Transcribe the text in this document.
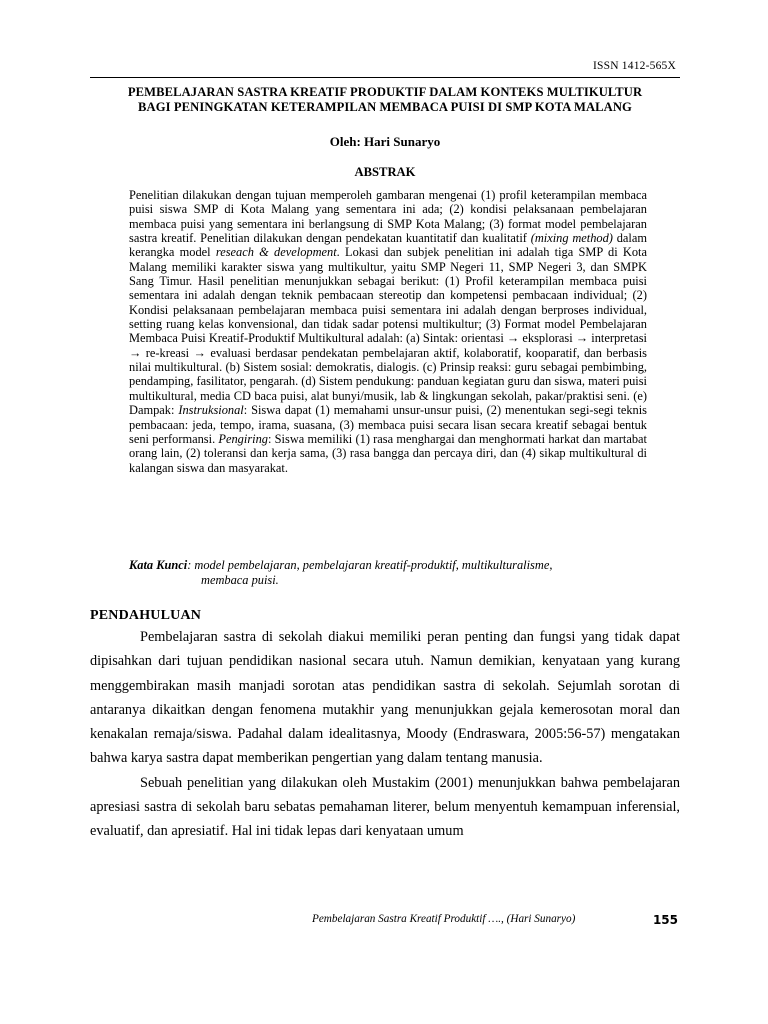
ISSN 1412-565X
PEMBELAJARAN SASTRA KREATIF PRODUKTIF DALAM KONTEKS MULTIKULTUR
BAGI PENINGKATAN KETERAMPILAN MEMBACA PUISI DI SMP KOTA MALANG
Oleh: Hari Sunaryo
ABSTRAK

Penelitian dilakukan dengan tujuan memperoleh gambaran mengenai (1) profil keterampilan membaca puisi siswa SMP di Kota Malang yang sementara ini ada; (2) kondisi pelaksanaan pembelajaran membaca puisi yang sementara ini berlangsung di SMP Kota Malang; (3) format model pembelajaran sastra kreatif. Penelitian dilakukan dengan pendekatan kuantitatif dan kualitatif (mixing method) dalam kerangka model reseach & development. Lokasi dan subjek penelitian ini adalah tiga SMP di Kota Malang memiliki karakter siswa yang multikultur, yaitu SMP Negeri 11, SMP Negeri 3, dan SMPK Sang Timur. Hasil penelitian menunjukkan sebagai berikut: (1) Profil keterampilan membaca puisi sementara ini adalah dengan teknik pembacaan stereotip dan kompetensi pembacaan individual; (2) Kondisi pelaksanaan pembelajaran membaca puisi sementara ini adalah dengan berproses individual, setting ruang kelas konvensional, dan tidak sadar potensi multikultur; (3) Format model Pembelajaran Membaca Puisi Kreatif-Produktif Multikultural adalah: (a) Sintak: orientasi → eksplorasi → interpretasi → re-kreasi → evaluasi berdasar pendekatan pembelajaran aktif, kolaboratif, kooparatif, dan berbasis nilai multikultural. (b) Sistem sosial: demokratis, dialogis. (c) Prinsip reaksi: guru sebagai pembimbing, pendamping, fasilitator, pengarah. (d) Sistem pendukung: panduan kegiatan guru dan siswa, materi puisi multikultural, media CD baca puisi, alat bunyi/musik, lab & lingkungan sekolah, pakar/praktisi seni. (e) Dampak: Instruksional: Siswa dapat (1) memahami unsur-unsur puisi, (2) menentukan segi-segi teknis pembacaan: jeda, tempo, irama, suasana, (3) membaca puisi secara lisan secara kreatif sebagai bentuk seni performansi. Pengiring: Siswa memiliki (1) rasa menghargai dan menghormati harkat dan martabat orang lain, (2) toleransi dan kerja sama, (3) rasa bangga dan percaya diri, dan (4) sikap multikultural di kalangan siswa dan masyarakat.

Kata Kunci: model pembelajaran, pembelajaran kreatif-produktif, multikulturalisme,
membaca puisi.
PENDAHULUAN

Pembelajaran sastra di sekolah diakui memiliki peran penting dan fungsi yang tidak dapat dipisahkan dari tujuan pendidikan nasional secara utuh. Namun demikian, kenyataan yang kurang menggembirakan masih manjadi sorotan atas pendidikan sastra di sekolah. Sejumlah sorotan di antaranya dikaitkan dengan fenomena mutakhir yang menunjukkan gejala kemerosotan moral dan kenakalan remaja/siswa. Padahal dalam idealitasnya, Moody (Endraswara, 2005:56-57) mengatakan bahwa karya sastra dapat memberikan pengertian yang dalam tentang manusia.

Sebuah penelitian yang dilakukan oleh Mustakim (2001) menunjukkan bahwa pembelajaran apresiasi sastra di sekolah baru sebatas pemahaman literer, belum menyentuh kemampuan inferensial, evaluatif, dan apresiatif. Hal ini tidak lepas dari kenyataan umum

Pembelajaran Sastra Kreatif Produktif …., (Hari Sunaryo)	155
